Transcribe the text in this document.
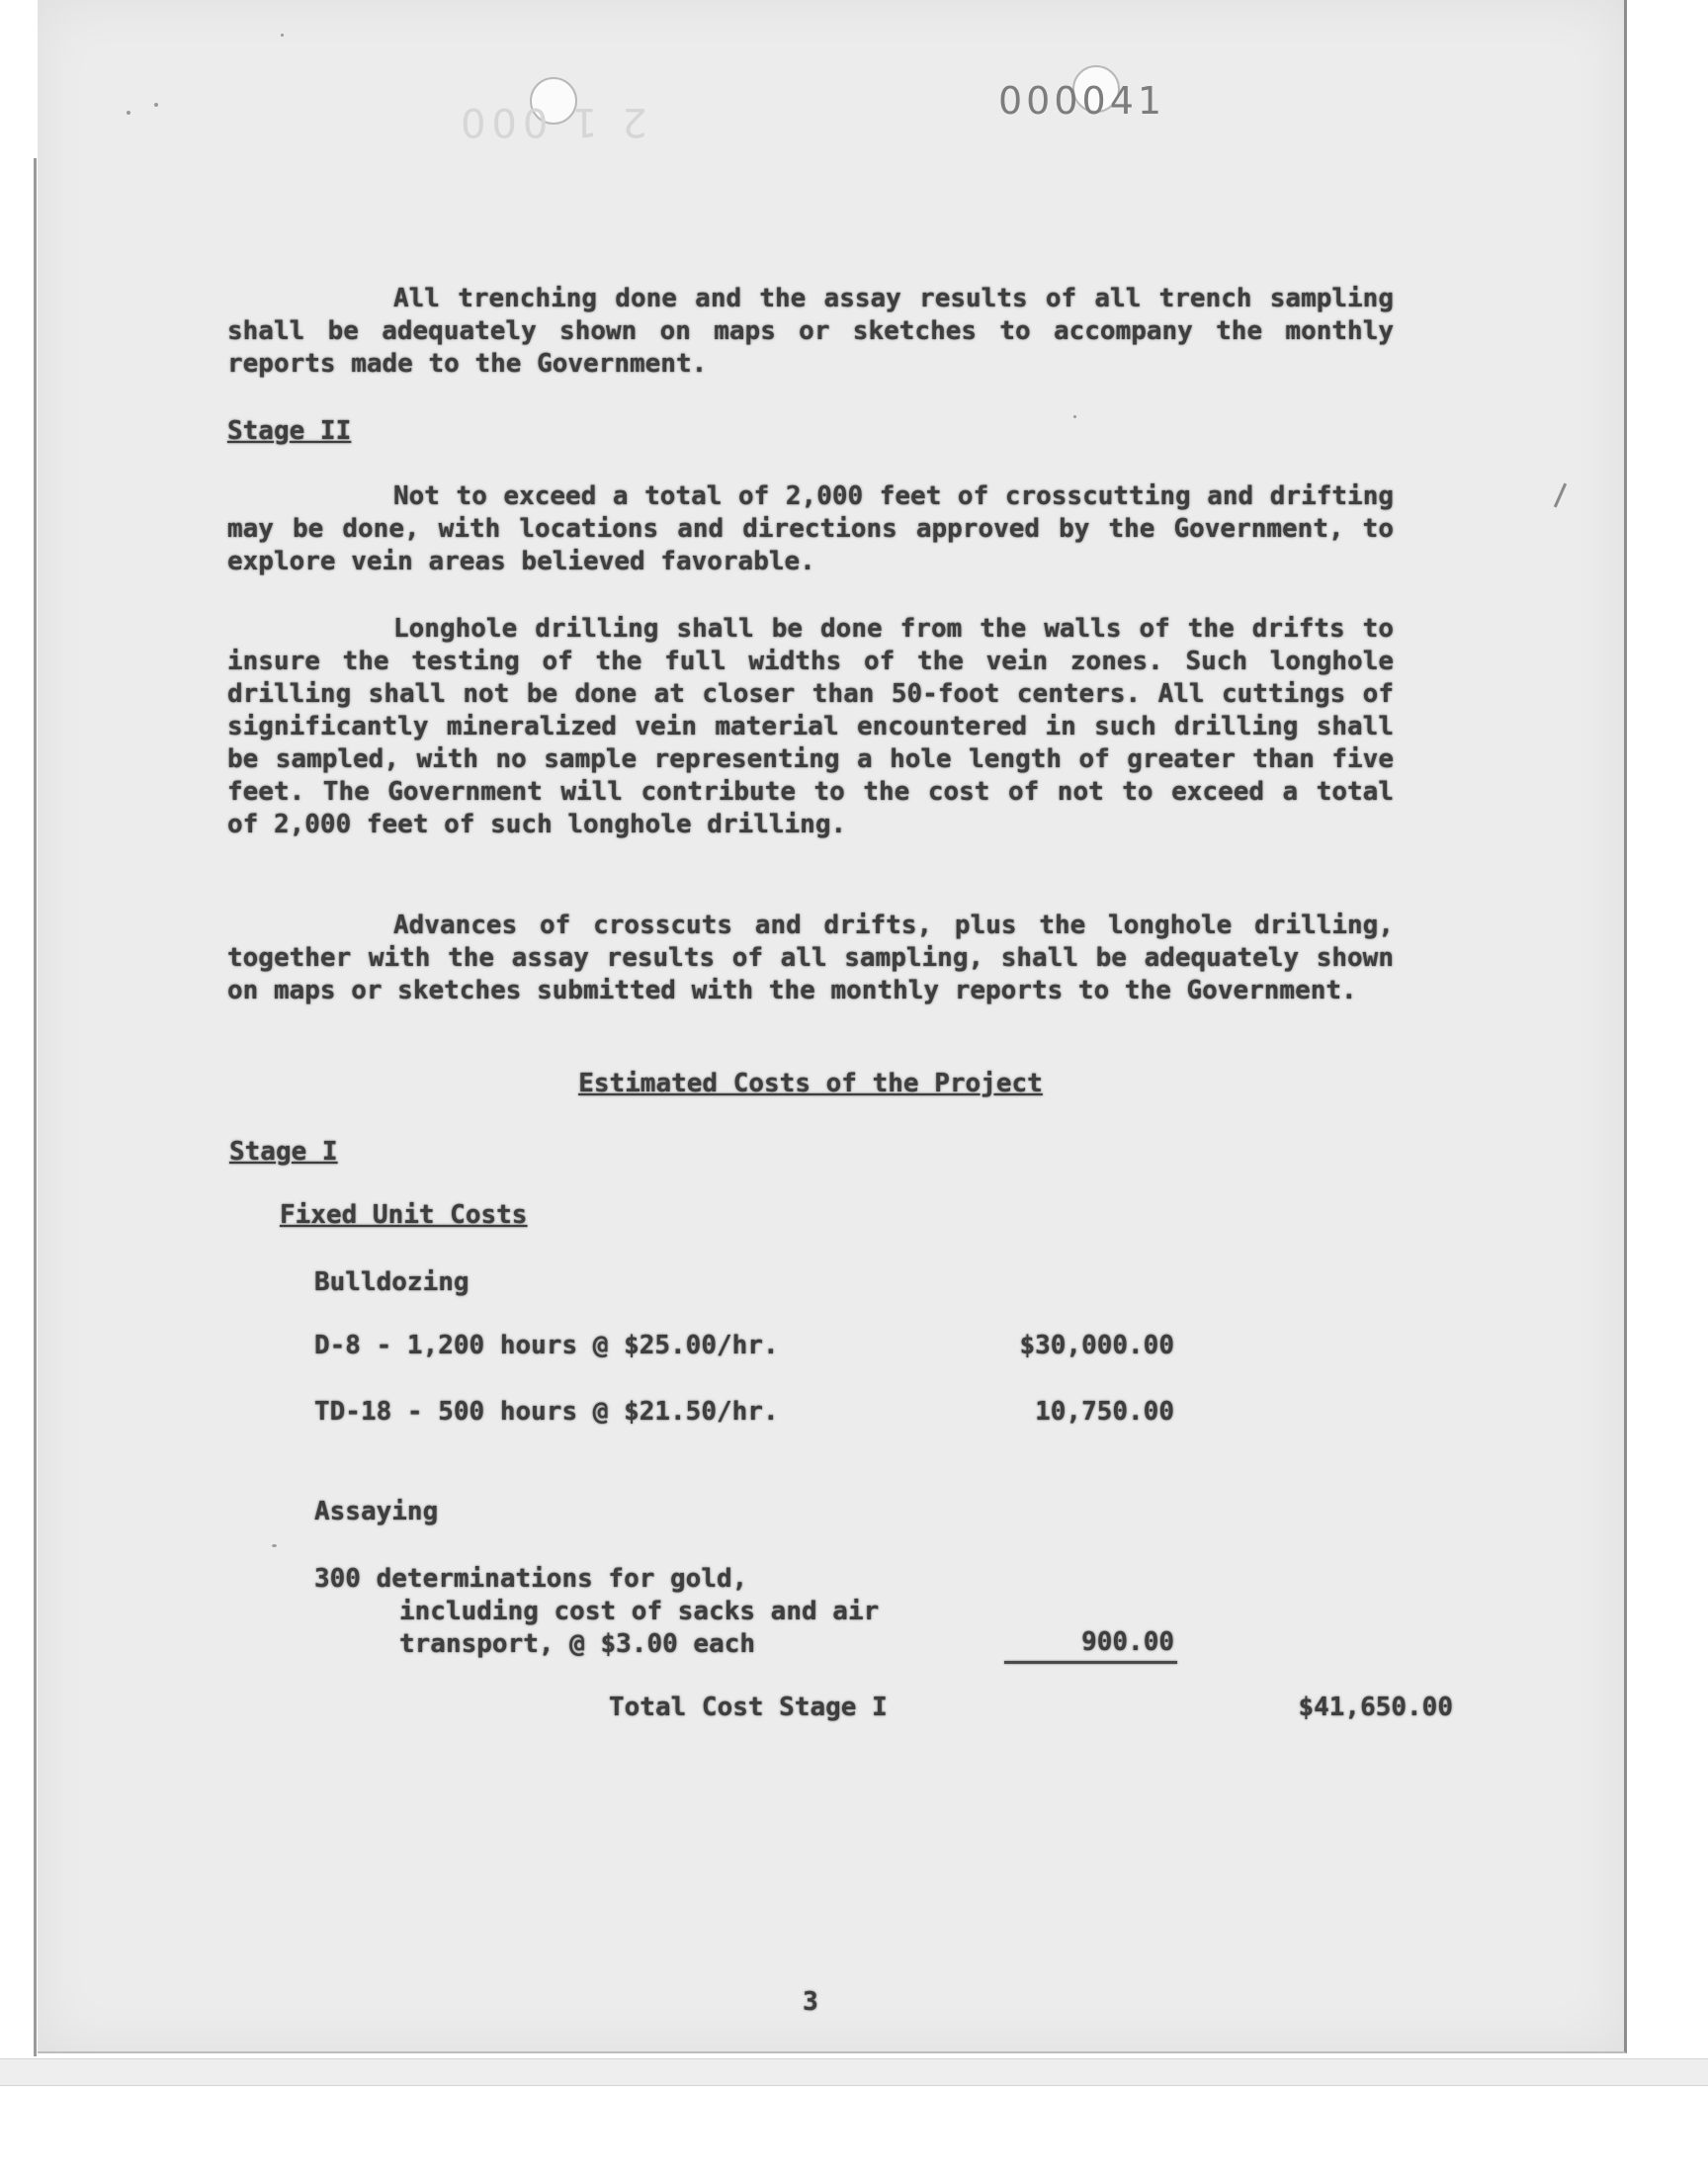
000041
2 1 000

All trenching done and the assay results of all trench sampling shall be adequately shown on maps or sketches to accompany the monthly reports made to the Government.

Stage II

Not to exceed a total of 2,000 feet of crosscutting and drifting may be done, with locations and directions approved by the Government, to explore vein areas believed favorable.

Longhole drilling shall be done from the walls of the drifts to insure the testing of the full widths of the vein zones. Such longhole drilling shall not be done at closer than 50-foot centers. All cuttings of significantly mineralized vein material encountered in such drilling shall be sampled, with no sample representing a hole length of greater than five feet. The Government will contribute to the cost of not to exceed a total of 2,000 feet of such longhole drilling.

Advances of crosscuts and drifts, plus the longhole drilling, together with the assay results of all sampling, shall be adequately shown on maps or sketches submitted with the monthly reports to the Government.

Estimated Costs of the Project

Stage I

Fixed Unit Costs

Bulldozing

D-8 - 1,200 hours @ $25.00/hr.	$30,000.00

TD-18 - 500 hours @ $21.50/hr.	10,750.00

Assaying

300 determinations for gold,
including cost of sacks and air
transport, @ $3.00 each	900.00

Total Cost Stage I	$41,650.00

3
